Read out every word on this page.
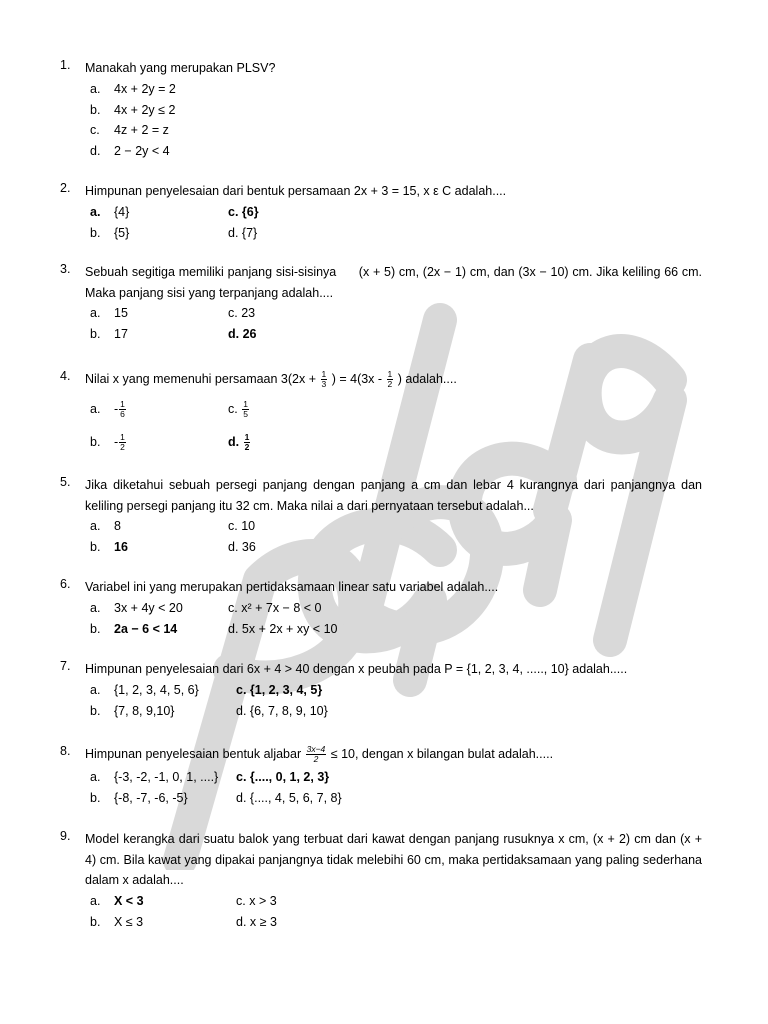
1.	Manakah yang merupakan PLSV?
a. 4x + 2y = 2
b. 4x + 2y ≤ 2
c. 4z + 2 = z
d. 2 − 2y < 4
2.	Himpunan penyelesaian dari bentuk persamaan 2x + 3 = 15, x ε C adalah....
a. {4}	c. {6}
b. {5}	d. {7}
3.	Sebuah segitiga memiliki panjang sisi-sisinya      (x + 5) cm, (2x − 1) cm, dan (3x − 10) cm. Jika keliling 66 cm. Maka panjang sisi yang terpanjang adalah....
a. 15	c. 23
b. 17	d. 26
4.	Nilai x yang memenuhi persamaan $3(2x + \frac{1}{3}$ ) = $4(3x - \frac{1}{2}$ ) adalah....
a. - $\frac{1}{6}$	c. $\frac{1}{5}$
b. - $\frac{1}{2}$	d. $\frac{1}{2}$
5.	Jika diketahui sebuah persegi panjang dengan panjang a cm dan lebar 4 kurangnya dari panjangnya dan keliling persegi panjang itu 32 cm. Maka nilai a dari pernyataan tersebut adalah...
a. 8	c. 10
b. 16	d. 36
6.	Variabel ini yang merupakan pertidaksamaan linear satu variabel adalah....
a. 3x + 4y < 20	c. x² + 7x − 8 < 0
b. 2a − 6 < 14	d. 5x + 2x + xy < 10
7.	Himpunan penyelesaian dari 6x + 4 > 40 dengan x peubah pada P = {1, 2, 3, 4, ....., 10} adalah.....
a. {1, 2, 3, 4, 5, 6}	c. {1, 2, 3, 4, 5}
b. {7, 8, 9,10}	d. {6, 7, 8, 9, 10}
8.	Himpunan penyelesaian bentuk aljabar $\frac{3x-4}{2} \le 10$, dengan x bilangan bulat adalah.....
a. {-3, -2, -1, 0, 1, ....} c. {...., 0, 1, 2, 3}
b. {-8, -7, -6, -5}	d. {...., 4, 5, 6, 7, 8}
9.	Model kerangka dari suatu balok yang terbuat dari kawat dengan panjang rusuknya x cm, (x + 2) cm dan (x + 4) cm. Bila kawat yang dipakai panjangnya tidak melebihi 60 cm, maka pertidaksamaan yang paling sederhana dalam x adalah....
a. X < 3	c. x > 3
b. X ≤ 3	d. x ≥ 3
